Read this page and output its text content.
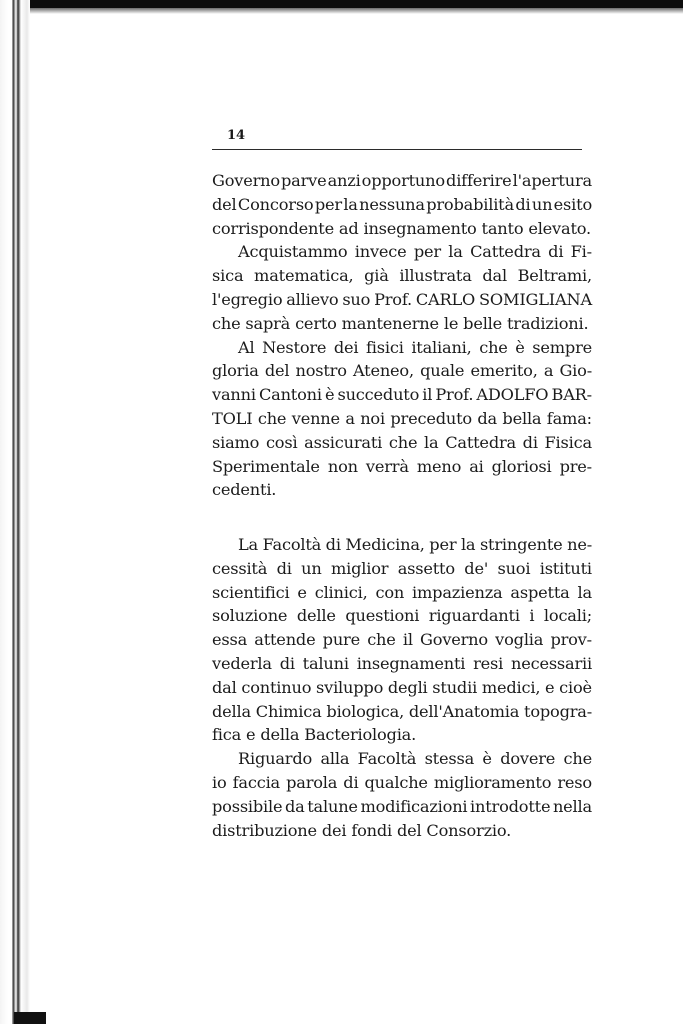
14
Governo parve anzi opportuno differire l'apertura
del Concorso per la nessuna probabilità di un esito
corrispondente ad insegnamento tanto elevato.
Acquistammo invece per la Cattedra di Fi-
sica matematica, già illustrata dal Beltrami,
l'egregio allievo suo Prof. CARLO SOMIGLIANA
che saprà certo mantenerne le belle tradizioni.
Al Nestore dei fisici italiani, che è sempre
gloria del nostro Ateneo, quale emerito, a Gio-
vanni Cantoni è succeduto il Prof. ADOLFO BAR-
TOLI che venne a noi preceduto da bella fama:
siamo così assicurati che la Cattedra di Fisica
Sperimentale non verrà meno ai gloriosi pre-
cedenti.
La Facoltà di Medicina, per la stringente ne-
cessità di un miglior assetto de' suoi istituti
scientifici e clinici, con impazienza aspetta la
soluzione delle questioni riguardanti i locali;
essa attende pure che il Governo voglia prov-
vederla di taluni insegnamenti resi necessarii
dal continuo sviluppo degli studii medici, e cioè
della Chimica biologica, dell'Anatomia topogra-
fica e della Bacteriologia.
Riguardo alla Facoltà stessa è dovere che
io faccia parola di qualche miglioramento reso
possibile da talune modificazioni introdotte nella
distribuzione dei fondi del Consorzio.
